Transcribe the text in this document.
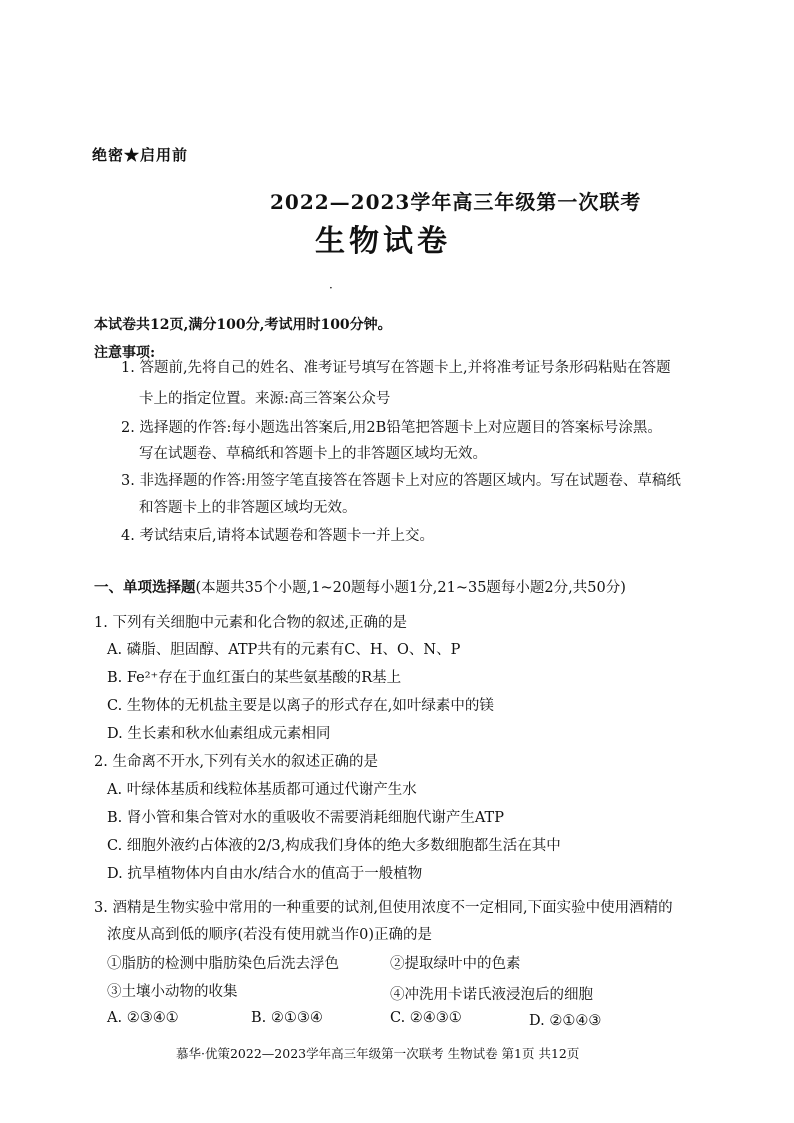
绝密★启用前
2022—2023学年高三年级第一次联考
生物试卷
·
本试卷共12页,满分100分,考试用时100分钟。
注意事项:
1. 答题前,先将自己的姓名、准考证号填写在答题卡上,并将准考证号条形码粘贴在答题
卡上的指定位置。来源:高三答案公众号
2. 选择题的作答:每小题选出答案后,用2B铅笔把答题卡上对应题目的答案标号涂黑。
写在试题卷、草稿纸和答题卡上的非答题区域均无效。
3. 非选择题的作答:用签字笔直接答在答题卡上对应的答题区域内。写在试题卷、草稿纸
和答题卡上的非答题区域均无效。
4. 考试结束后,请将本试题卷和答题卡一并上交。
一、单项选择题(本题共35个小题,1~20题每小题1分,21~35题每小题2分,共50分)
1. 下列有关细胞中元素和化合物的叙述,正确的是
A. 磷脂、胆固醇、ATP共有的元素有C、H、O、N、P
B. Fe²⁺存在于血红蛋白的某些氨基酸的R基上
C. 生物体的无机盐主要是以离子的形式存在,如叶绿素中的镁
D. 生长素和秋水仙素组成元素相同
2. 生命离不开水,下列有关水的叙述正确的是
A. 叶绿体基质和线粒体基质都可通过代谢产生水
B. 肾小管和集合管对水的重吸收不需要消耗细胞代谢产生ATP
C. 细胞外液约占体液的2/3,构成我们身体的绝大多数细胞都生活在其中
D. 抗旱植物体内自由水/结合水的值高于一般植物
3. 酒精是生物实验中常用的一种重要的试剂,但使用浓度不一定相同,下面实验中使用酒精的
浓度从高到低的顺序(若没有使用就当作0)正确的是
①脂肪的检测中脂肪染色后洗去浮色	②提取绿叶中的色素
③土壤小动物的收集	④冲洗用卡诺氏液浸泡后的细胞
A. ②③④①	B. ②①③④	C. ②④③①	D. ②①④③
慕华·优策2022—2023学年高三年级第一次联考 生物试卷 第1页 共12页
